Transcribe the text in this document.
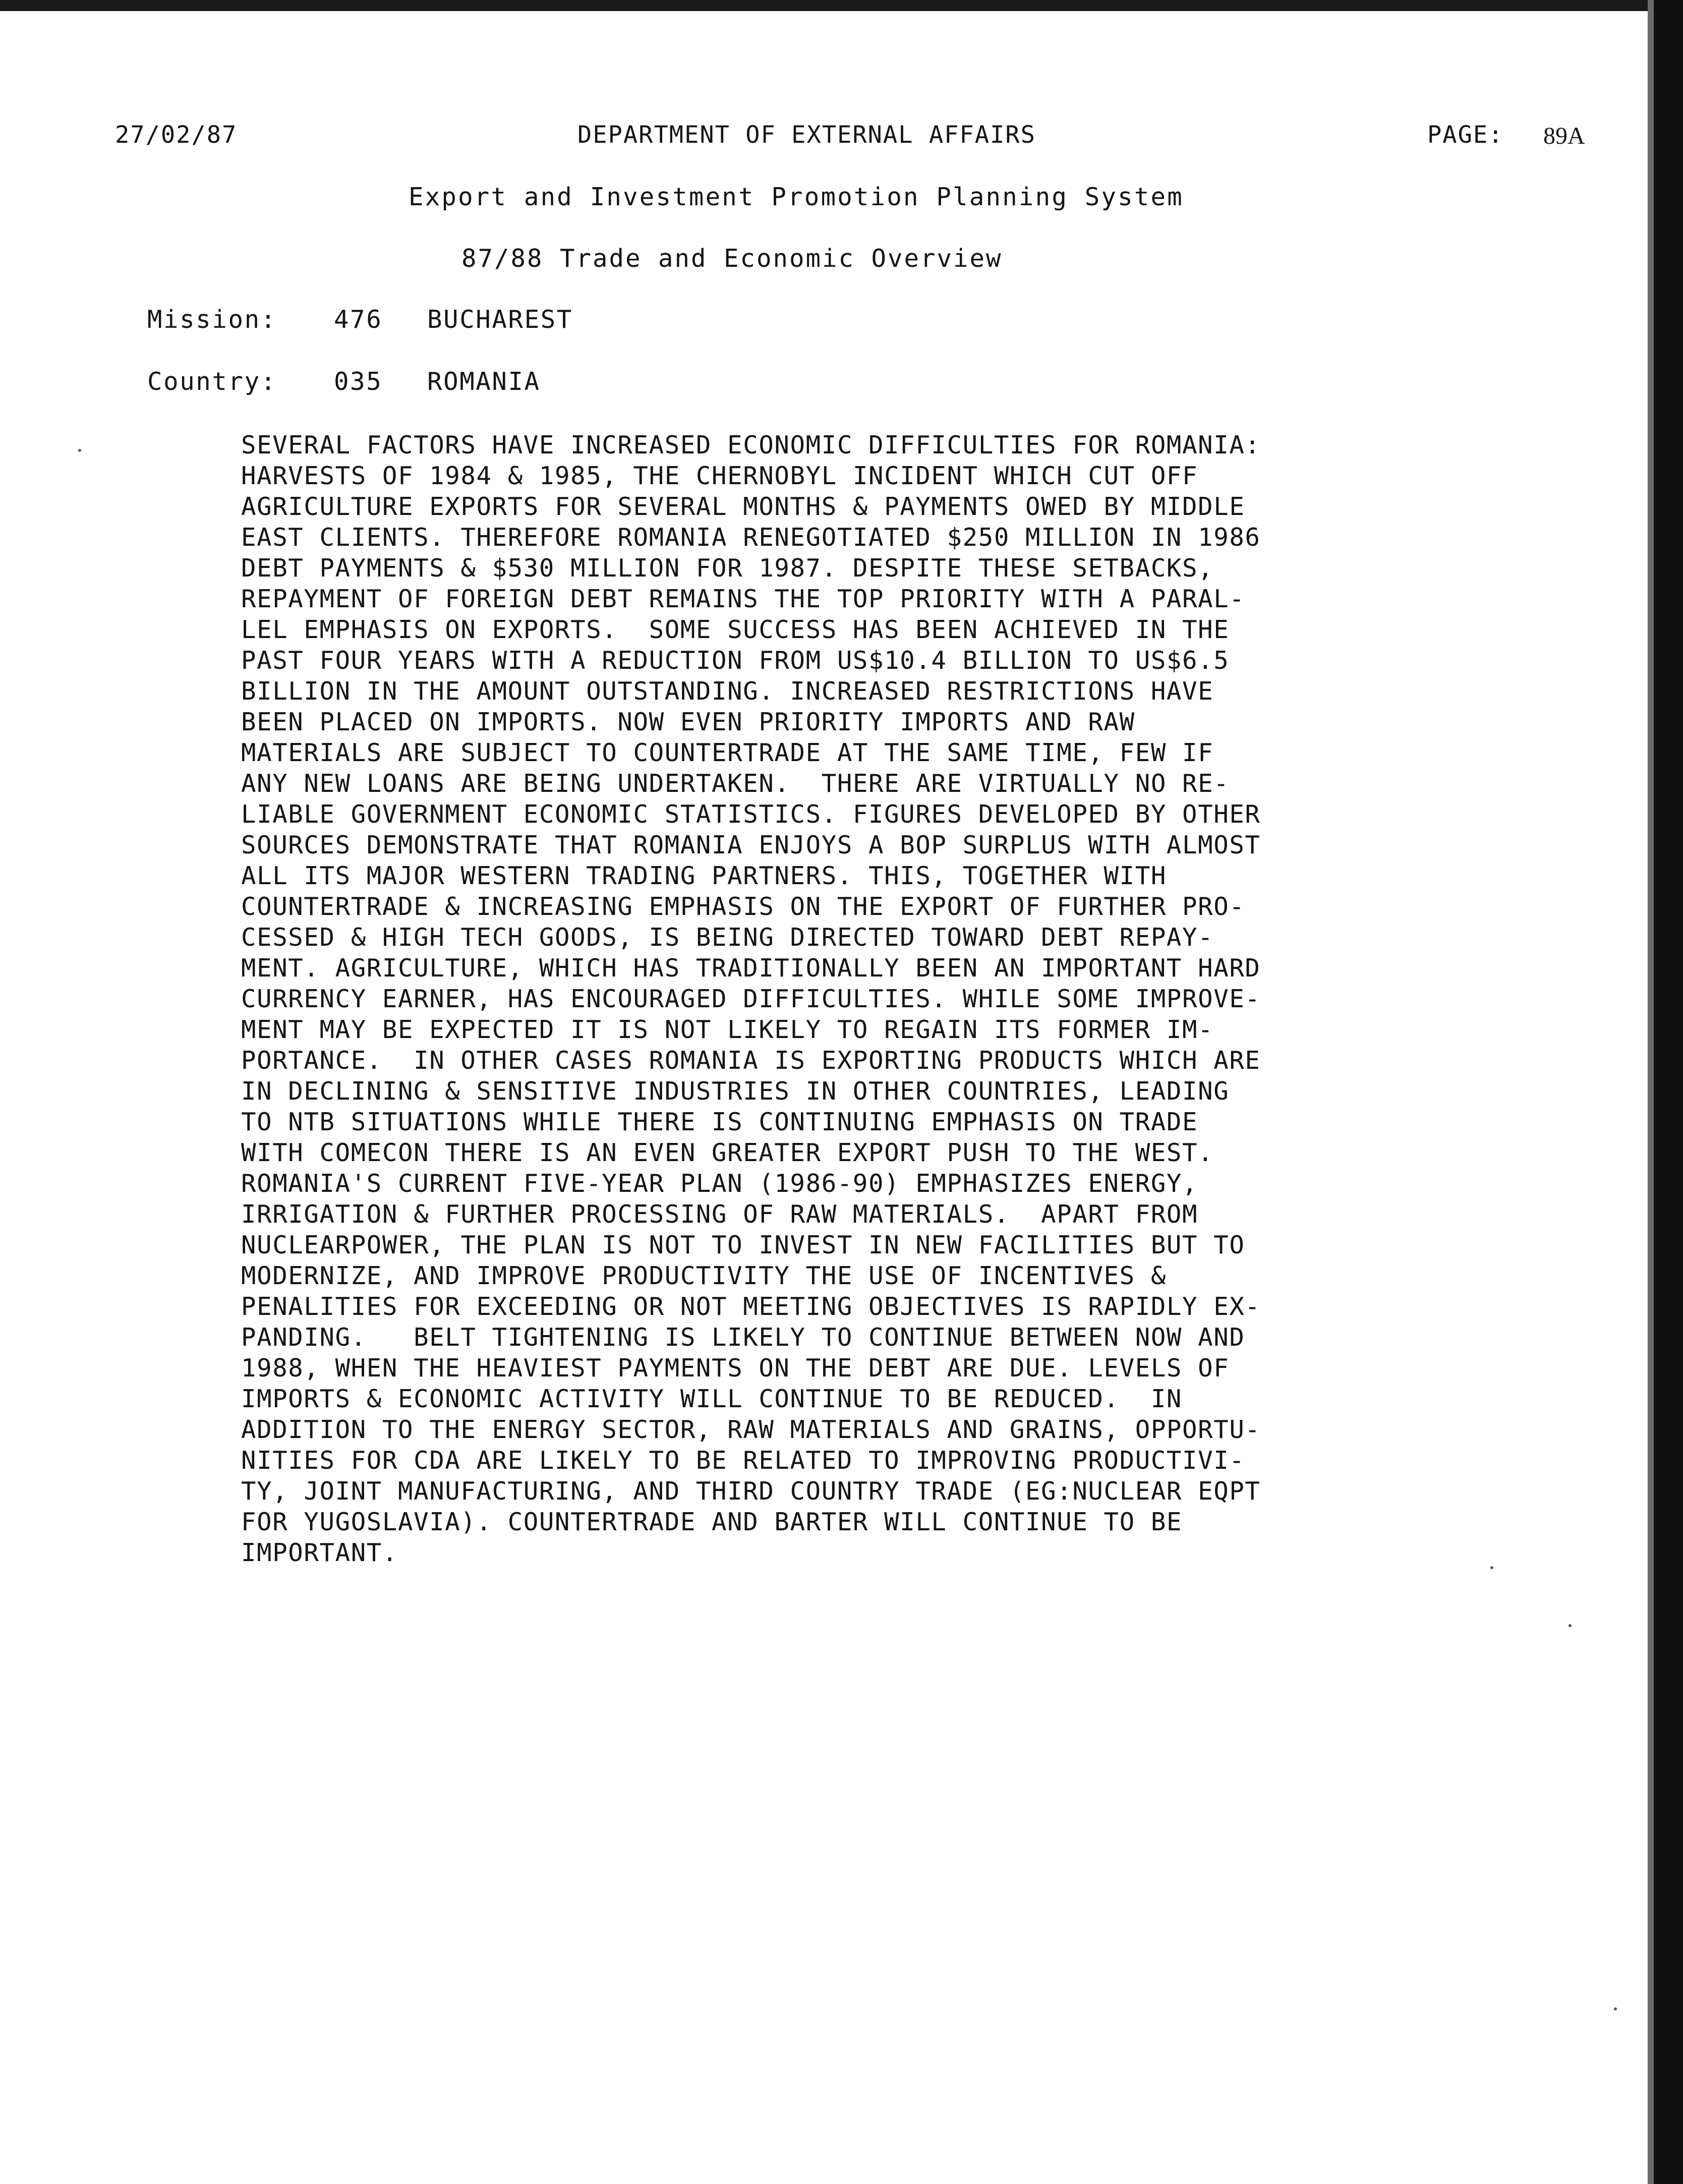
27/02/87	DEPARTMENT OF EXTERNAL AFFAIRS	PAGE: 89A
Export and Investment Promotion Planning System
87/88 Trade and Economic Overview
Mission: 476 BUCHAREST
Country: 035 ROMANIA
SEVERAL FACTORS HAVE INCREASED ECONOMIC DIFFICULTIES FOR ROMANIA:
HARVESTS OF 1984 & 1985, THE CHERNOBYL INCIDENT WHICH CUT OFF
AGRICULTURE EXPORTS FOR SEVERAL MONTHS & PAYMENTS OWED BY MIDDLE
EAST CLIENTS. THEREFORE ROMANIA RENEGOTIATED $250 MILLION IN 1986
DEBT PAYMENTS & $530 MILLION FOR 1987. DESPITE THESE SETBACKS,
REPAYMENT OF FOREIGN DEBT REMAINS THE TOP PRIORITY WITH A PARAL-
LEL EMPHASIS ON EXPORTS.  SOME SUCCESS HAS BEEN ACHIEVED IN THE
PAST FOUR YEARS WITH A REDUCTION FROM US$10.4 BILLION TO US$6.5
BILLION IN THE AMOUNT OUTSTANDING. INCREASED RESTRICTIONS HAVE
BEEN PLACED ON IMPORTS. NOW EVEN PRIORITY IMPORTS AND RAW
MATERIALS ARE SUBJECT TO COUNTERTRADE AT THE SAME TIME, FEW IF
ANY NEW LOANS ARE BEING UNDERTAKEN.  THERE ARE VIRTUALLY NO RE-
LIABLE GOVERNMENT ECONOMIC STATISTICS. FIGURES DEVELOPED BY OTHER
SOURCES DEMONSTRATE THAT ROMANIA ENJOYS A BOP SURPLUS WITH ALMOST
ALL ITS MAJOR WESTERN TRADING PARTNERS. THIS, TOGETHER WITH
COUNTERTRADE & INCREASING EMPHASIS ON THE EXPORT OF FURTHER PRO-
CESSED & HIGH TECH GOODS, IS BEING DIRECTED TOWARD DEBT REPAY-
MENT. AGRICULTURE, WHICH HAS TRADITIONALLY BEEN AN IMPORTANT HARD
CURRENCY EARNER, HAS ENCOURAGED DIFFICULTIES. WHILE SOME IMPROVE-
MENT MAY BE EXPECTED IT IS NOT LIKELY TO REGAIN ITS FORMER IM-
PORTANCE.  IN OTHER CASES ROMANIA IS EXPORTING PRODUCTS WHICH ARE
IN DECLINING & SENSITIVE INDUSTRIES IN OTHER COUNTRIES, LEADING
TO NTB SITUATIONS WHILE THERE IS CONTINUING EMPHASIS ON TRADE
WITH COMECON THERE IS AN EVEN GREATER EXPORT PUSH TO THE WEST.
ROMANIA'S CURRENT FIVE-YEAR PLAN (1986-90) EMPHASIZES ENERGY,
IRRIGATION & FURTHER PROCESSING OF RAW MATERIALS.  APART FROM
NUCLEARPOWER, THE PLAN IS NOT TO INVEST IN NEW FACILITIES BUT TO
MODERNIZE, AND IMPROVE PRODUCTIVITY THE USE OF INCENTIVES &
PENALITIES FOR EXCEEDING OR NOT MEETING OBJECTIVES IS RAPIDLY EX-
PANDING.   BELT TIGHTENING IS LIKELY TO CONTINUE BETWEEN NOW AND
1988, WHEN THE HEAVIEST PAYMENTS ON THE DEBT ARE DUE. LEVELS OF
IMPORTS & ECONOMIC ACTIVITY WILL CONTINUE TO BE REDUCED.  IN
ADDITION TO THE ENERGY SECTOR, RAW MATERIALS AND GRAINS, OPPORTU-
NITIES FOR CDA ARE LIKELY TO BE RELATED TO IMPROVING PRODUCTIVI-
TY, JOINT MANUFACTURING, AND THIRD COUNTRY TRADE (EG:NUCLEAR EQPT
FOR YUGOSLAVIA). COUNTERTRADE AND BARTER WILL CONTINUE TO BE
IMPORTANT.
